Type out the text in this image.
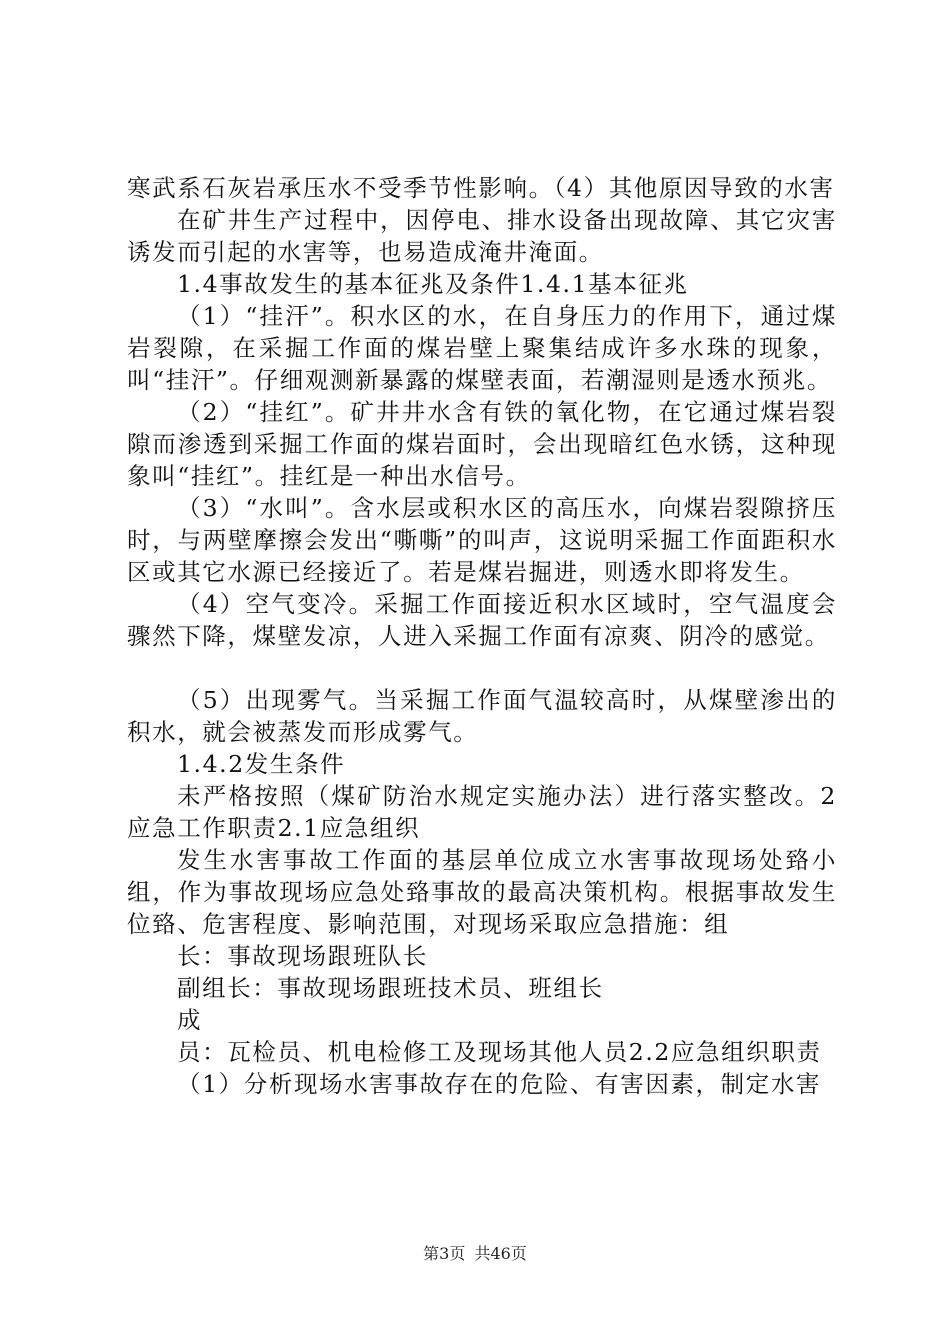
寒武系石灰岩承压水不受季节性影响。（4）其他原因导致的水害

在矿井生产过程中，因停电、排水设备出现故障、其它灾害诱发而引起的水害等，也易造成淹井淹面。

1.4事故发生的基本征兆及条件1.4.1基本征兆

（1）“挂汗”。积水区的水，在自身压力的作用下，通过煤岩裂隙，在采掘工作面的煤岩壁上聚集结成许多水珠的现象，叫“挂汗”。仔细观测新暴露的煤壁表面，若潮湿则是透水预兆。

（2）“挂红”。矿井井水含有铁的氧化物，在它通过煤岩裂隙而渗透到采掘工作面的煤岩面时，会出现暗红色水锈，这种现象叫“挂红”。挂红是一种出水信号。

（3）“水叫”。含水层或积水区的高压水，向煤岩裂隙挤压时，与两壁摩擦会发出“嘶嘶”的叫声，这说明采掘工作面距积水区或其它水源已经接近了。若是煤岩掘进，则透水即将发生。

（4）空气变冷。采掘工作面接近积水区域时，空气温度会骤然下降，煤壁发凉，人进入采掘工作面有凉爽、阴冷的感觉。

（5）出现雾气。当采掘工作面气温较高时，从煤壁渗出的积水，就会被蒸发而形成雾气。

1.4.2发生条件

未严格按照（煤矿防治水规定实施办法）进行落实整改。2应急工作职责2.1应急组织

发生水害事故工作面的基层单位成立水害事故现场处臵小组，作为事故现场应急处臵事故的最高决策机构。根据事故发生位臵、危害程度、影响范围，对现场采取应急措施：组

长：事故现场跟班队长

副组长：事故现场跟班技术员、班组长

成

员：瓦检员、机电检修工及现场其他人员2.2应急组织职责

（1）分析现场水害事故存在的危险、有害因素，制定水害

第3页 共46页
